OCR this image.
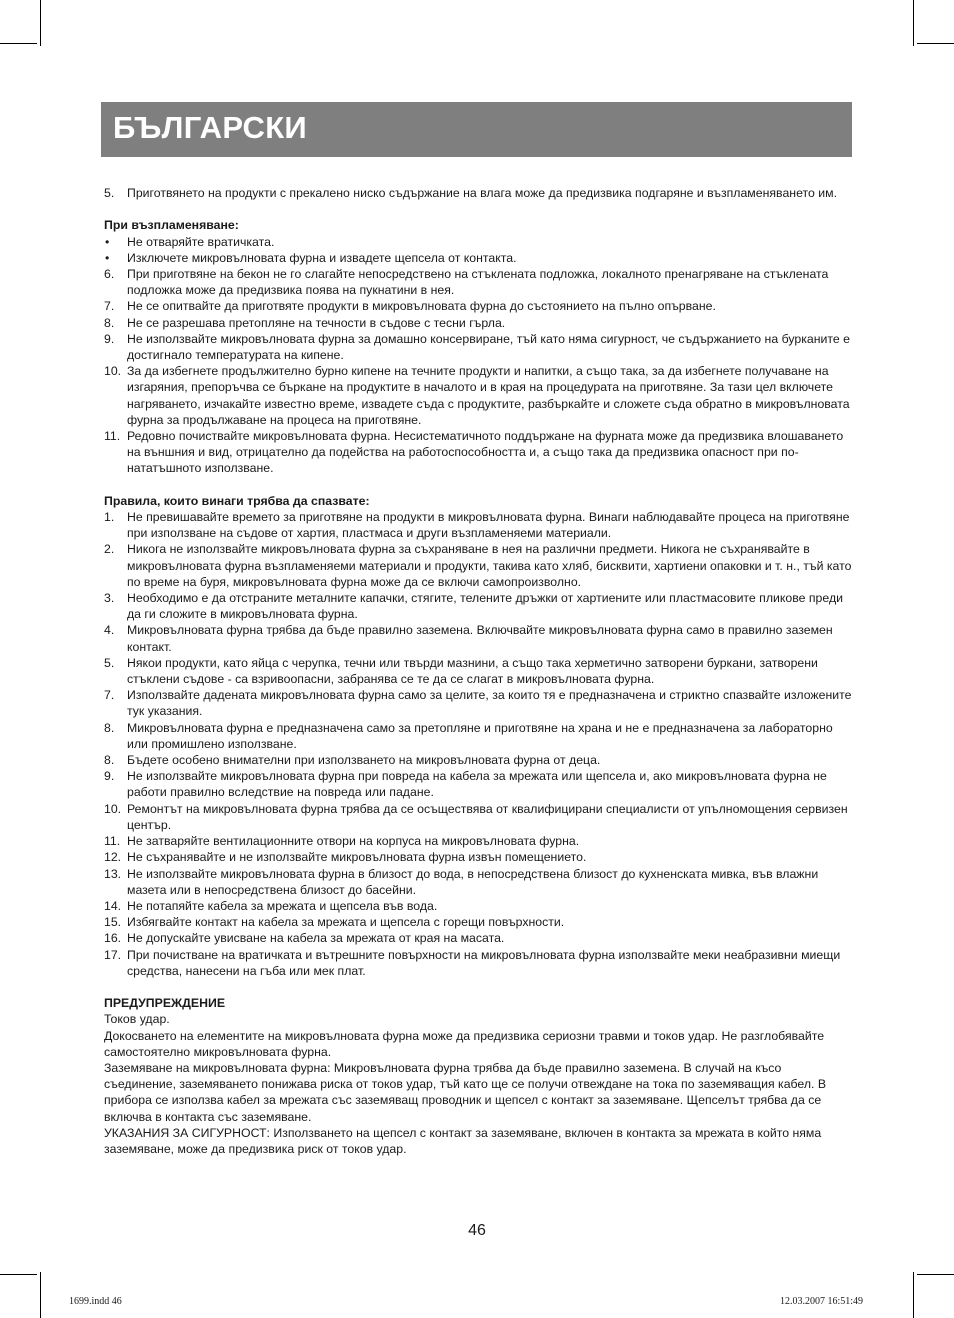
БЪЛГАРСКИ
5. Приготвянето на продукти с прекалено ниско съдържание на влага може да предизвика подгаряне и възпламеняването им.
При възпламеняване:
• Не отваряйте вратичката.
• Изключете микровълновата фурна и извадете щепсела от контакта.
6. При приготвяне на бекон не го слагайте непосредствено на стъклената подложка, локалното пренагряване на стъклената подложка може да предизвика поява на пукнатини в нея.
7. Не се опитвайте да приготвяте продукти в микровълновата фурна до състоянието на пълно опърване.
8. Не се разрешава претопляне на течности в съдове с тесни гърла.
9. Не използвайте микровълновата фурна за домашно консервиране, тъй като няма сигурност, че съдържанието на бурканите е достигнало температурата на кипене.
10. За да избегнете продължително бурно кипене на течните продукти и напитки, а също така, за да избегнете получаване на изгаряния, препоръчва се бъркане на продуктите в началото и в края на процедурата на приготвяне. За тази цел включете нагряването, изчакайте известно време, извадете съда с продуктите, разбъркайте и сложете съда обратно в микровълновата фурна за продължаване на процеса на приготвяне.
11. Редовно почиствайте микровълновата фурна. Несистематичното поддържане на фурната може да предизвика влошаването на външния и вид, отрицателно да подейства на работоспособността и, а също така да предизвика опасност при по-нататъшното използване.
Правила, които винаги трябва да спазвате:
1. Не превишавайте времето за приготвяне на продукти в микровълновата фурна. Винаги наблюдавайте процеса на приготвяне при използване на съдове от хартия, пластмаса и други възпламеняеми материали.
2. Никога не използвайте микровълновата фурна за съхраняване в нея на различни предмети. Никога не съхранявайте в микровълновата фурна възпламеняеми материали и продукти, такива като хляб, бисквити, хартиени опаковки и т. н., тъй като по време на буря, микровълновата фурна може да се включи самопроизволно.
3. Необходимо е да отстраните металните капачки, стягите, телените дръжки от хартиените или пластмасовите пликове преди да ги сложите в микровълновата фурна.
4. Микровълновата фурна трябва да бъде правилно заземена. Включвайте микровълновата фурна само в правилно заземен контакт.
5. Някои продукти, като яйца с черупка, течни или твърди мазнини, а също така херметично затворени буркани, затворени стъклени съдове - са взривоопасни, забранява се те да се слагат в микровълновата фурна.
7. Използвайте дадената микровълновата фурна само за целите, за които тя е предназначена и стриктно спазвайте изложените тук указания.
8. Микровълновата фурна е предназначена само за претопляне и приготвяне на храна и не е предназначена за лабораторно или промишлено използване.
8. Бъдете особено внимателни при използването на микровълновата фурна от деца.
9. Не използвайте микровълновата фурна при повреда на кабела за мрежата или щепсела и, ако микровълновата фурна не работи правилно вследствие на повреда или падане.
10. Ремонтът на микровълновата фурна трябва да се осъществява от квалифицирани специалисти от упълномощения сервизен център.
11. Не затваряйте вентилационните отвори на корпуса на микровълновата фурна.
12. Не съхранявайте и не използвайте микровълновата фурна извън помещението.
13. Не използвайте микровълновата фурна в близост до вода, в непосредствена близост до кухненската мивка, във влажни мазета или в непосредствена близост до басейни.
14. Не потапяйте кабела за мрежата и щепсела във вода.
15. Избягвайте контакт на кабела за мрежата и щепсела с горещи повърхности.
16. Не допускайте увисване на кабела за мрежата от края на масата.
17. При почистване на вратичката и вътрешните повърхности на микровълновата фурна използвайте меки неабразивни миещи средства, нанесени на гъба или мек плат.
ПРЕДУПРЕЖДЕНИЕ
Токов удар.
Докосването на елементите на микровълновата фурна може да предизвика сериозни травми и токов удар. Не разглобявайте самостоятелно микровълновата фурна.
Заземяване на микровълновата фурна: Микровълновата фурна трябва да бъде правилно заземена. В случай на късо съединение, заземяването понижава риска от токов удар, тъй като ще се получи отвеждане на тока по заземяващия кабел. В прибора се използва кабел за мрежата със заземяващ проводник и щепсел с контакт за заземяване. Щепселът трябва да се включва в контакта със заземяване.
УКАЗАНИЯ ЗА СИГУРНОСТ: Използването на щепсел с контакт за заземяване, включен в контакта за мрежата в който няма заземяване, може да предизвика риск от токов удар.
46
1699.indd 46	12.03.2007 16:51:49
